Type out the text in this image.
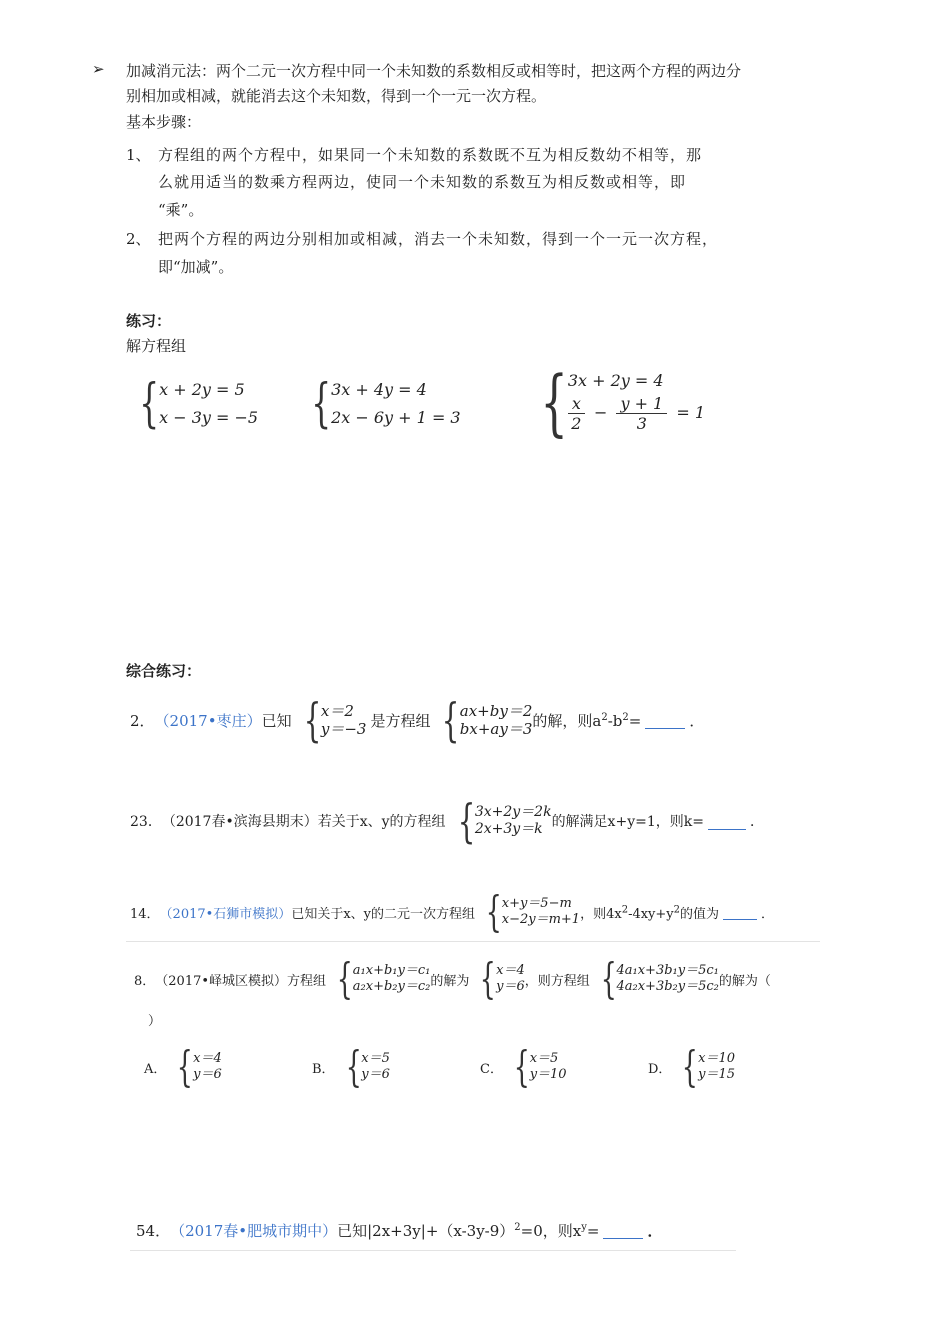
➢ 加减消元法：两个二元一次方程中同一个未知数的系数相反或相等时，把这两个方程的两边分
别相加或相减，就能消去这个未知数，得到一个一元一次方程。
基本步骤：
1、 方程组的两个方程中，如果同一个未知数的系数既不互为相反数幼不相等，那
么就用适当的数乘方程两边，使同一个未知数的系数互为相反数或相等，即
“乘”。
2、 把两个方程的两边分别相加或相减，消去一个未知数，得到一个一元一次方程，
即“加减”。
练习：
解方程组
{ x + 2y = 5
x − 3y = −5 { 3x + 4y = 4
2x − 6y + 1 = 3 { 3x + 2y = 4
$\frac{x}{2} - \frac{y + 1}{3} = 1$
综合练习：
2． （2017•枣庄） 已知 { x＝2
y＝−3 是方程组 { ax+by＝2
bx+ay＝3 的解，则$a^2-b^2=$	．
23． （2017春•滨海县期末） 若关于x、y的方程组 { 3x+2y＝2k
2x+3y＝k 的解满足x+y=1，则k=	．
14． （2017•石狮市模拟） 已知关于x、y的二元一次方程组 { x+y＝5−m
x−2y＝m+1 ，则$4x^2-4xy+y^2$的值为	．
8． （2017•峄城区模拟） 方程组 { a₁x+b₁y＝c₁
a₂x+b₂y＝c₂ 的解为 { x＝4
y＝6 ，则方程组 { 4a₁x+3b₁y＝5c₁
4a₂x+3b₂y＝5c₂ 的解为（
）
A． { x＝4
y＝6	B． { x＝5
y＝6	C． { x＝5
y＝10	D． { x＝10
y＝15
54． （2017春•肥城市期中） 已知$|2x+3y|+(x-3y-9)^2=0$，则$x^y=$	．
